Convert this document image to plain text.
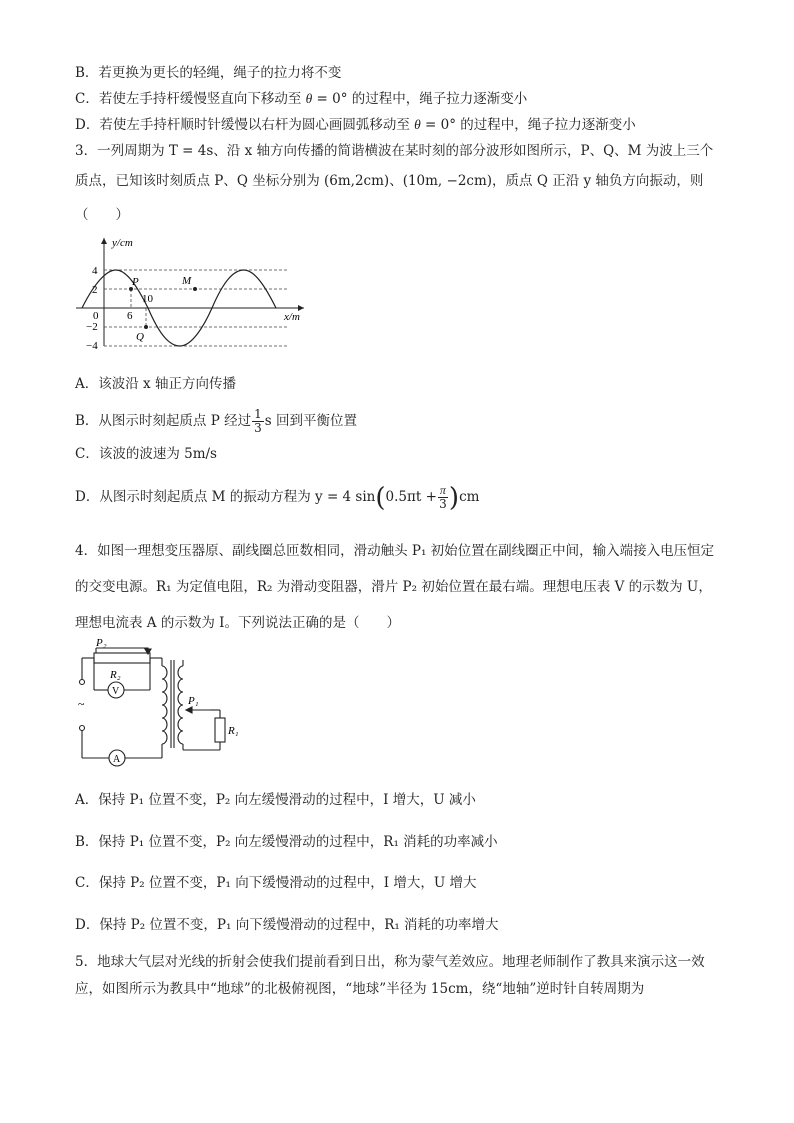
B．若更换为更长的轻绳，绳子的拉力将不变
C．若使左手持杆缓慢竖直向下移动至 θ = 0° 的过程中，绳子拉力逐渐变小
D．若使左手持杆顺时针缓慢以右杆为圆心画圆弧移动至 θ = 0° 的过程中，绳子拉力逐渐变小
3．一列周期为 T = 4s、沿 x 轴方向传播的简谐横波在某时刻的部分波形如图所示，P、Q、M 为波上三个
质点，已知该时刻质点 P、Q 坐标分别为 (6m,2cm)、(10m, −2cm)，质点 Q 正沿 y 轴负方向振动，则
（　　）
y/cm
x/m
4
2
0
−2
−4
6
10
P	M
Q
A．该波沿 x 轴正方向传播
B．从图示时刻起质点 P 经过 $\frac{1}{3}$ s 回到平衡位置
C．该波的波速为 5m/s
D．从图示时刻起质点 M 的振动方程为 y = 4 $\sin(0.5\pi t + \frac{\pi}{3} )cm$
4．如图一理想变压器原、副线圈总匝数相同，滑动触头 P₁ 初始位置在副线圈正中间，输入端接入电压恒定
的交变电源。R₁ 为定值电阻，R₂ 为滑动变阻器，滑片 P₂ 初始位置在最右端。理想电压表 V 的示数为 U，
理想电流表 A 的示数为 I。下列说法正确的是（　　）
P₂
R₂
V
~	P₁
R₁
A
A．保持 P₁ 位置不变，P₂ 向左缓慢滑动的过程中，I 增大，U 减小
B．保持 P₁ 位置不变，P₂ 向左缓慢滑动的过程中，R₁ 消耗的功率减小
C．保持 P₂ 位置不变，P₁ 向下缓慢滑动的过程中，I 增大，U 增大
D．保持 P₂ 位置不变，P₁ 向下缓慢滑动的过程中，R₁ 消耗的功率增大
5．地球大气层对光线的折射会使我们提前看到日出，称为蒙气差效应。地理老师制作了教具来演示这一效
应，如图所示为教具中“地球”的北极俯视图，“地球”半径为 15cm，绕“地轴”逆时针自转周期为
